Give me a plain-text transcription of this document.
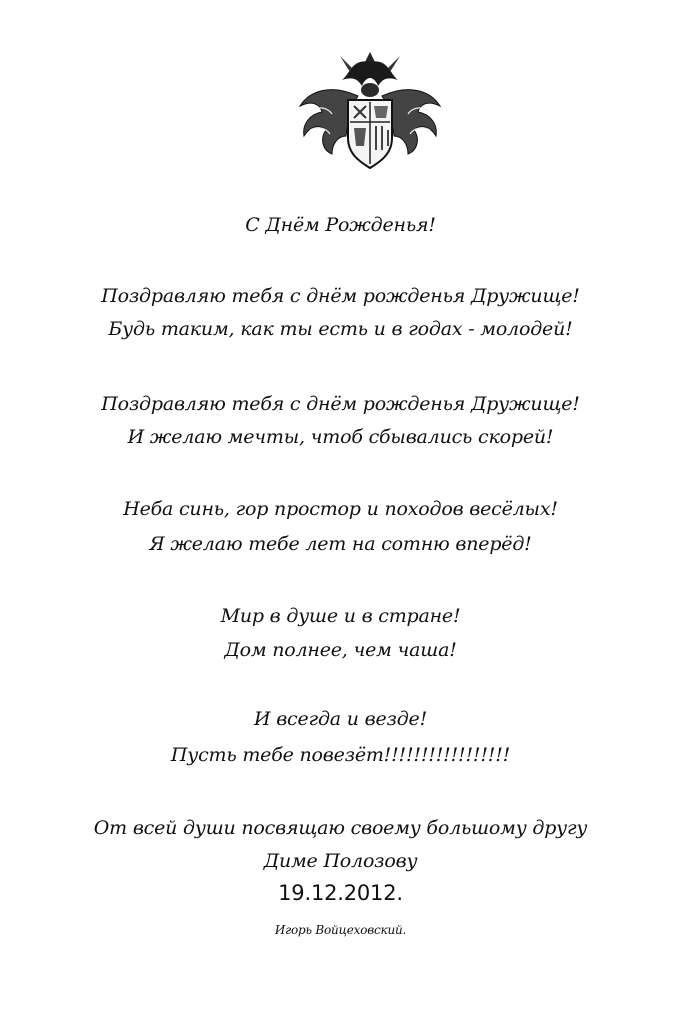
С Днём Рожденья!
Поздравляю тебя с днём рожденья Дружище!
Будь таким, как ты есть и в годах - молодей!
Поздравляю тебя с днём рожденья Дружище!
И желаю мечты, чтоб сбывались скорей!
Неба синь, гор простор и походов весёлых!
Я желаю тебе лет на сотню вперёд!
Мир в душе и в стране!
Дом полнее, чем чаша!
И всегда и везде!
Пусть тебе повезёт!!!!!!!!!!!!!!!!!
От всей души посвящаю своему большому другу
Диме Полозову
19.12.2012.
Игорь Войцеховский.
